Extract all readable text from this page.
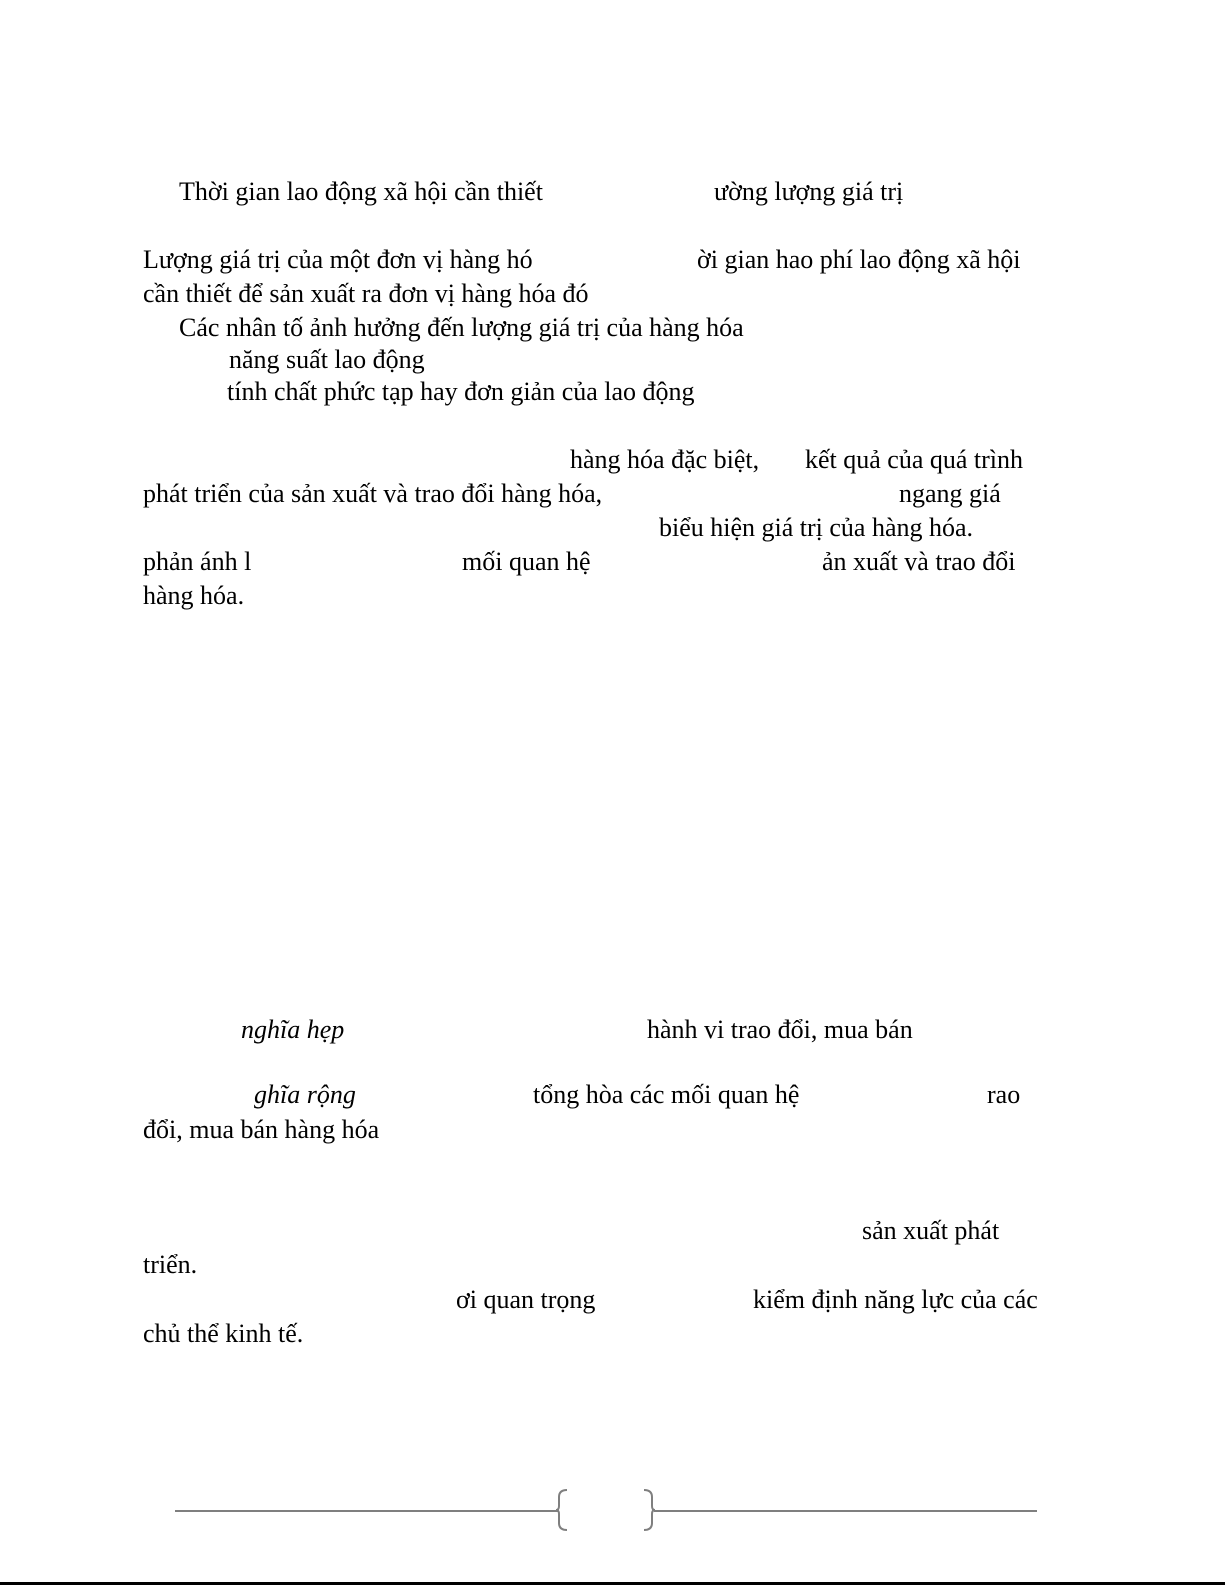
Thời gian lao động xã hội cần thiết	ường lượng giá trị
Lượng giá trị của một đơn vị hàng hó	ời gian hao phí lao động xã hội
cần thiết để sản xuất ra đơn vị hàng hóa đó
Các nhân tố ảnh hưởng đến lượng giá trị của hàng hóa
năng suất lao động
tính chất phức tạp hay đơn giản của lao động
hàng hóa đặc biệt, kết quả của quá trình
phát triển của sản xuất và trao đổi hàng hóa,	ngang giá
biểu hiện giá trị của hàng hóa.
phản ánh l	mối quan hệ	ản xuất và trao đổi
hàng hóa.
nghĩa hẹp	hành vi trao đổi, mua bán
ghĩa rộng	tổng hòa các mối quan hệ	rao
đổi, mua bán hàng hóa
sản xuất phát
triển.
ơi quan trọng	kiểm định năng lực của các
chủ thể kinh tế.
